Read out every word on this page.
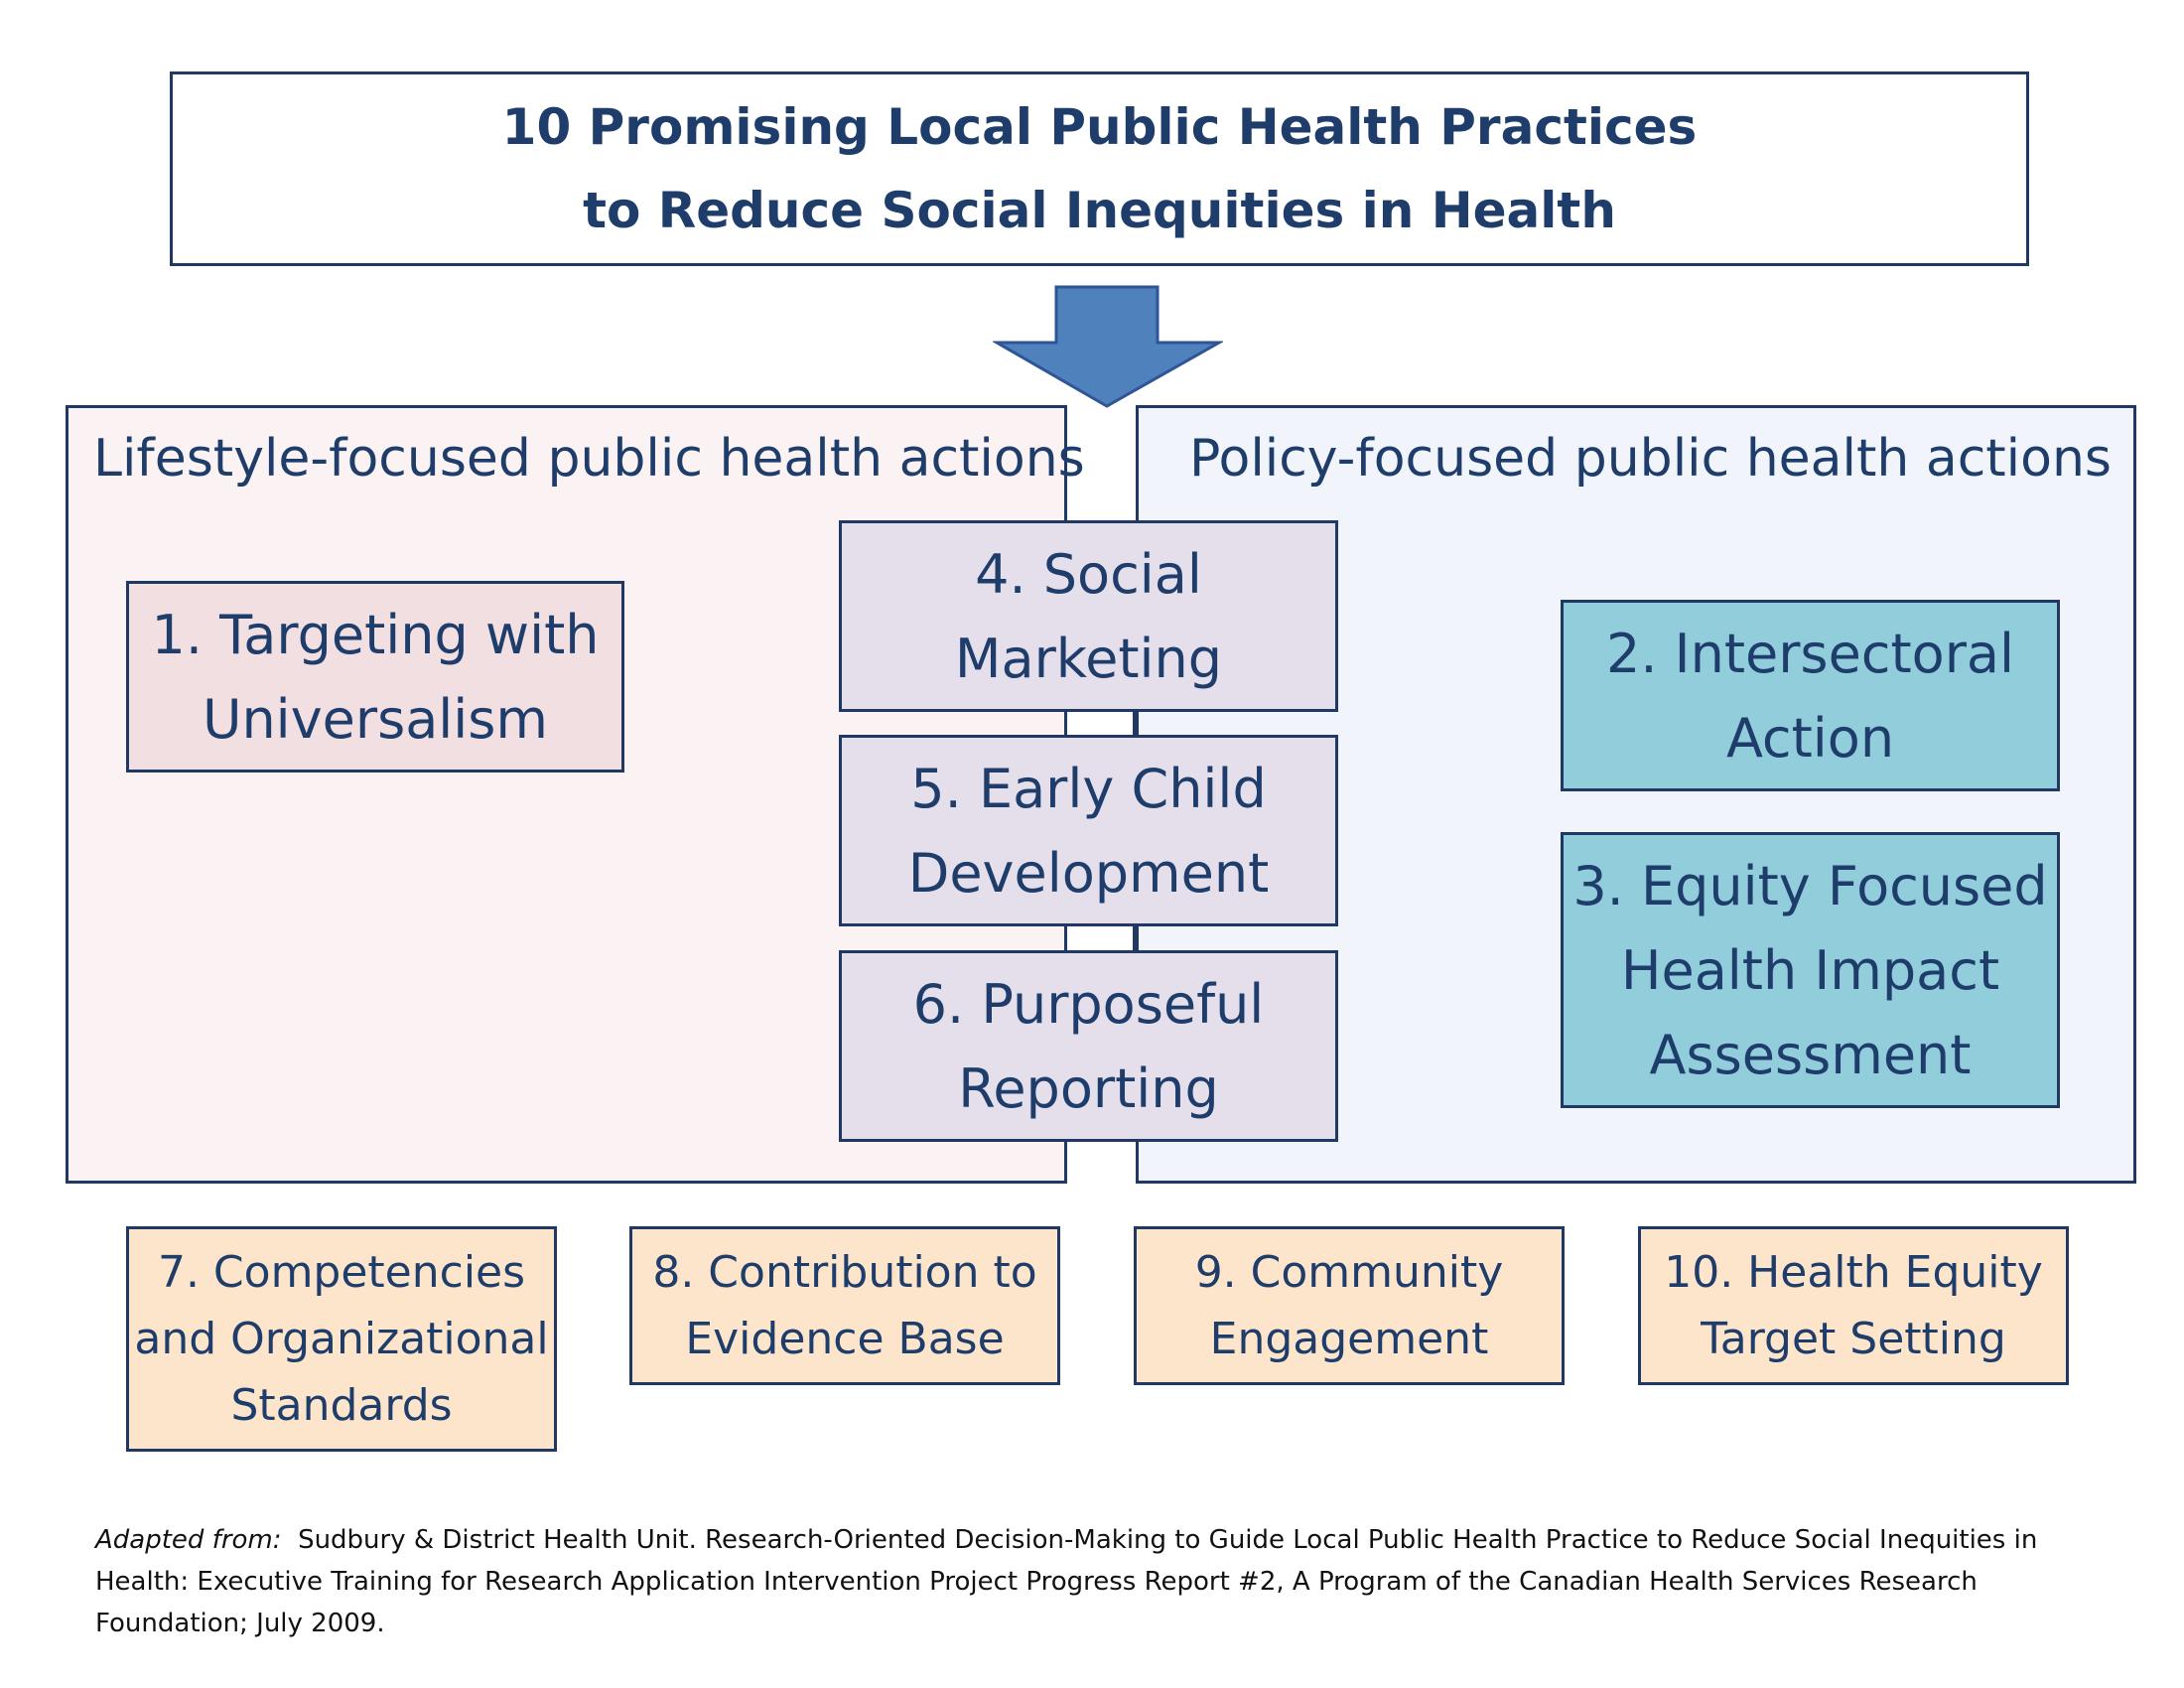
10 Promising Local Public Health Practices
to Reduce Social Inequities in Health
Lifestyle-focused public health actions Policy-focused public health actions
1. Targeting with
Universalism
4. Social
Marketing
5. Early Child
Development
6. Purposeful
Reporting
2. Intersectoral
Action
3. Equity Focused
Health Impact
Assessment
7. Competencies
and Organizational
Standards
8. Contribution to
Evidence Base
9. Community
Engagement
10. Health Equity
Target Setting
Adapted from: Sudbury & District Health Unit. Research-Oriented Decision-Making to Guide Local Public Health Practice to Reduce Social Inequities in
Health: Executive Training for Research Application Intervention Project Progress Report #2, A Program of the Canadian Health Services Research
Foundation; July 2009.
